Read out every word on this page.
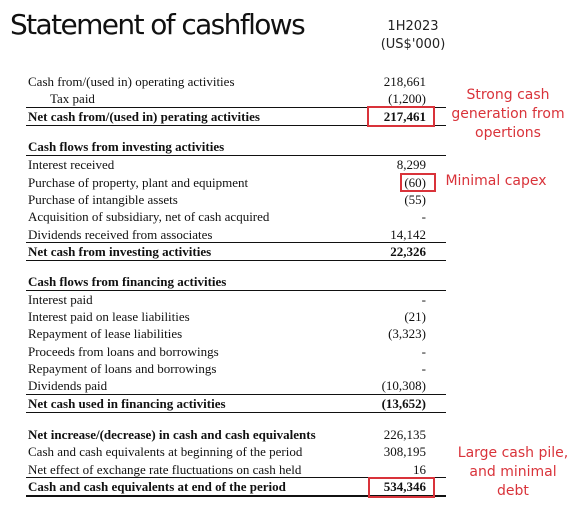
Statement of cashflows	1H2023
(US$'000)
Cash from/(used in) operating activities	218,661
Tax paid	(1,200)
Net cash from/(used in) perating activities	217,461
Cash flows from investing activities
Interest received	8,299
Purchase of property, plant and equipment	(60)
Purchase of intangible assets	(55)
Acquisition of subsidiary, net of cash acquired	-
Dividends received from associates	14,142
Net cash from investing activities	22,326
Cash flows from financing activities
Interest paid	-
Interest paid on lease liabilities	(21)
Repayment of lease liabilities	(3,323)
Proceeds from loans and borrowings	-
Repayment of loans and borrowings	-
Dividends paid	(10,308)
Net cash used in financing activities	(13,652)
Net increase/(decrease) in cash and cash equivalents	226,135
Cash and cash equivalents at beginning of the period	308,195
Net effect of exchange rate fluctuations on cash held	16
Cash and cash equivalents at end of the period	534,346
Strong cash
generation from
opertions
Minimal capex
Large cash pile,
and minimal
debt
